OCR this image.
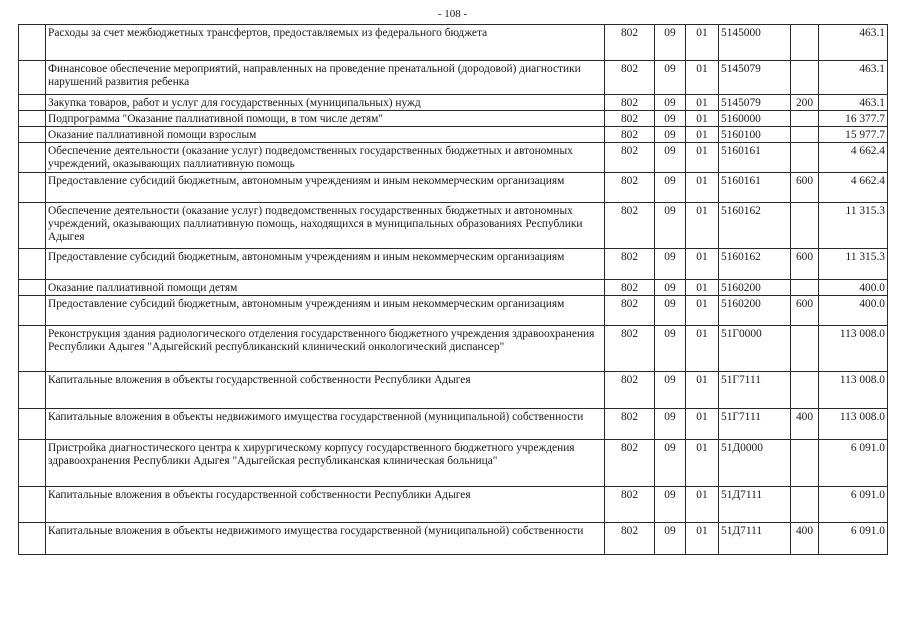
- 108 -
	Расходы за счет межбюджетных трансфертов, предоставляемых из федерального бюджета	802	09	01	5145000		463.1
	Финансовое обеспечение мероприятий, направленных на проведение пренатальной (дородовой) диагностики нарушений развития ребенка	802	09	01	5145079		463.1
	Закупка товаров, работ и услуг для государственных (муниципальных) нужд	802	09	01	5145079	200	463.1
	Подпрограмма "Оказание паллиативной помощи, в том числе детям"	802	09	01	5160000		16 377.7
	Оказание паллиативной помощи взрослым	802	09	01	5160100		15 977.7
	Обеспечение деятельности (оказание услуг) подведомственных государственных бюджетных и автономных учреждений, оказывающих паллиативную помощь	802	09	01	5160161		4 662.4
	Предоставление субсидий бюджетным, автономным учреждениям и иным некоммерческим организациям	802	09	01	5160161	600	4 662.4
	Обеспечение деятельности (оказание услуг) подведомственных государственных бюджетных и автономных учреждений, оказывающих паллиативную помощь, находящихся в муниципальных образованиях Республики Адыгея	802	09	01	5160162		11 315.3
	Предоставление субсидий бюджетным, автономным учреждениям и иным некоммерческим организациям	802	09	01	5160162	600	11 315.3
	Оказание паллиативной помощи детям	802	09	01	5160200		400.0
	Предоставление субсидий бюджетным, автономным учреждениям и иным некоммерческим организациям	802	09	01	5160200	600	400.0
	Реконструкция здания радиологического отделения государственного бюджетного учреждения здравоохранения Республики Адыгея "Адыгейский республиканский клинический онкологический диспансер"	802	09	01	51Г0000		113 008.0
	Капитальные вложения в объекты государственной собственности Республики Адыгея	802	09	01	51Г7111		113 008.0
	Капитальные вложения в объекты недвижимого имущества государственной (муниципальной) собственности	802	09	01	51Г7111	400	113 008.0
	Пристройка диагностического центра к хирургическому корпусу государственного бюджетного учреждения здравоохранения Республики Адыгея "Адыгейская республиканская клиническая больница"	802	09	01	51Д0000		6 091.0
	Капитальные вложения в объекты государственной собственности Республики Адыгея	802	09	01	51Д7111		6 091.0
	Капитальные вложения в объекты недвижимого имущества государственной (муниципальной) собственности	802	09	01	51Д7111	400	6 091.0
